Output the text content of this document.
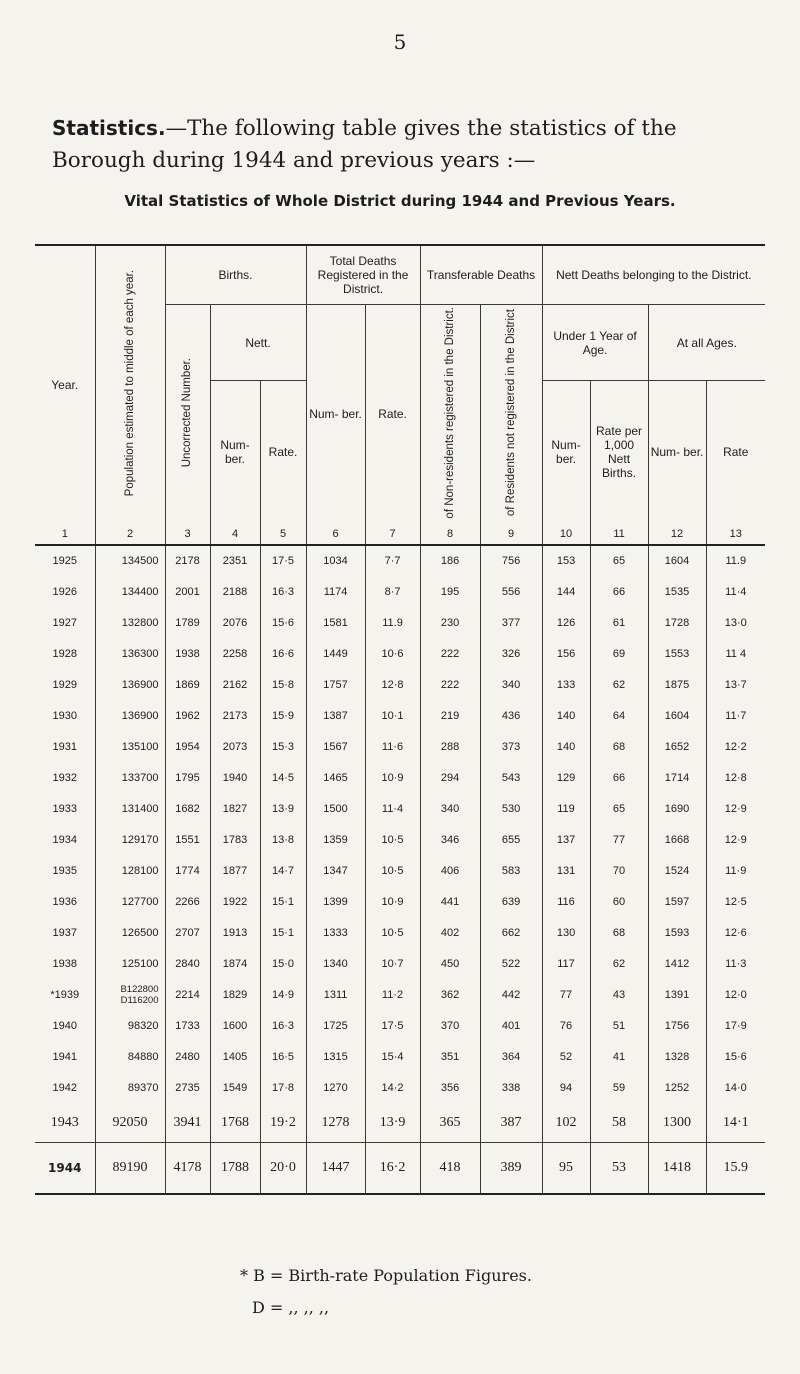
5
Statistics.—The following table gives the statistics of the Borough during 1944 and previous years :—
Vital Statistics of Whole District during 1944 and Previous Years.
Year.	Population estimated to middle of each year.	Births.			Total Deaths Registered in the District.		Transferable Deaths		Nett Deaths belonging to the District.			
		Uncorrected Number.	Nett.		Num- ber.	Rate.	of Non-residents registered in the District.	of Residents not registered in the District	Under 1 Year of Age.		At all Ages.	
			Num- ber.	Rate.					Num- ber.	Rate per 1,000 Nett Births.	Num- ber.	Rate
1	2	3	4	5	6	7	8	9	10	11	12	13
1925	134500	2178	2351	17·5	1034	7·7	186	756	153	65	1604	11.9
1926	134400	2001	2188	16·3	1174	8·7	195	556	144	66	1535	11·4
1927	132800	1789	2076	15·6	1581	11.9	230	377	126	61	1728	13·0
1928	136300	1938	2258	16·6	1449	10·6	222	326	156	69	1553	11 4
1929	136900	1869	2162	15·8	1757	12·8	222	340	133	62	1875	13·7
1930	136900	1962	2173	15·9	1387	10·1	219	436	140	64	1604	11·7
1931	135100	1954	2073	15·3	1567	11·6	288	373	140	68	1652	12·2
1932	133700	1795	1940	14·5	1465	10·9	294	543	129	66	1714	12·8
1933	131400	1682	1827	13·9	1500	11·4	340	530	119	65	1690	12·9
1934	129170	1551	1783	13·8	1359	10·5	346	655	137	77	1668	12·9
1935	128100	1774	1877	14·7	1347	10·5	406	583	131	70	1524	11·9
1936	127700	2266	1922	15·1	1399	10·9	441	639	116	60	1597	12·5
1937	126500	2707	1913	15·1	1333	10·5	402	662	130	68	1593	12·6
1938	125100	2840	1874	15·0	1340	10·7	450	522	117	62	1412	11·3
*1939	B122800
D116200	2214	1829	14·9	1311	11·2	362	442	77	43	1391	12·0
1940	98320	1733	1600	16·3	1725	17·5	370	401	76	51	1756	17·9
1941	84880	2480	1405	16·5	1315	15·4	351	364	52	41	1328	15·6
1942	89370	2735	1549	17·8	1270	14·2	356	338	94	59	1252	14·0
1943	92050	3941	1768	19·2	1278	13·9	365	387	102	58	1300	14·1
1944	89190	4178	1788	20·0	1447	16·2	418	389	95	53	1418	15.9
* B = Birth-rate Population Figures.
D = ,, ,, ,,
